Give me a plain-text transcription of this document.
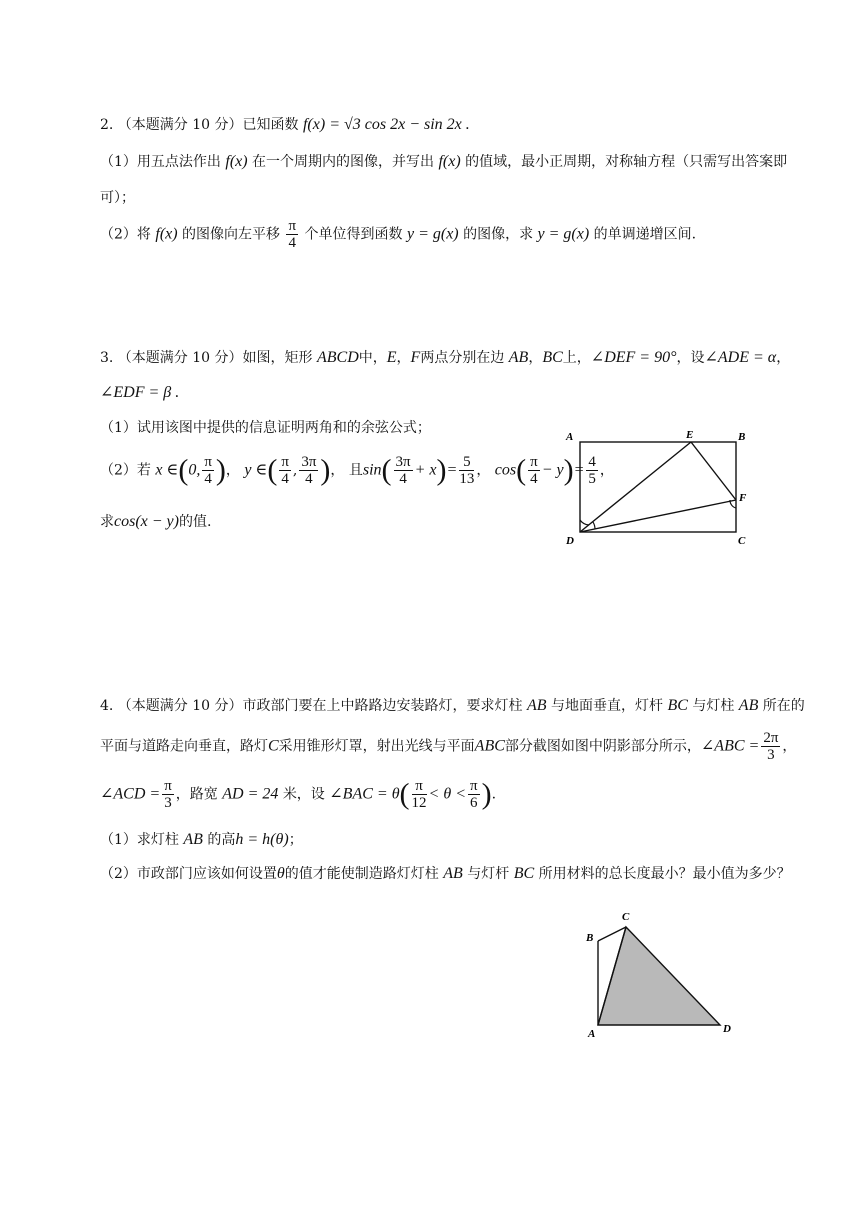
2. （本题满分 10 分）已知函数 f(x) = √3 cos 2x − sin 2x .
（1）用五点法作出 f(x) 在一个周期内的图像，并写出 f(x) 的值域，最小正周期，对称轴方程（只需写出答案即
可）；
（2）将 f(x) 的图像向左平移 $\frac{\pi}{4}$ 个单位得到函数 y = g(x) 的图像，求 y = g(x) 的单调递增区间.
3. （本题满分 10 分）如图，矩形 ABCD中，E，F两点分别在边 AB，BC上，∠DEF = 90°，设∠ADE = α，
∠EDF = β .
（1）试用该图中提供的信息证明两角和的余弦公式；
（2）若 x ∈(0, $\frac{\pi}{4}$ )， y ∈( $\frac{\pi}{4}$ , $\frac{3\pi}{4}$ )， 且$\sin( \frac{3\pi}{4} + x)= \frac{5}{13}$ ， $\cos( \frac{\pi}{4} - y)= \frac{4}{5}$ ，
求cos(x − y)的值.
A	E	B
F
D	C
4. （本题满分 10 分）市政部门要在上中路路边安装路灯，要求灯柱 AB 与地面垂直，灯杆 BC 与灯柱 AB 所在的
平面与道路走向垂直，路灯C采用锥形灯罩，射出光线与平面ABC部分截图如图中阴影部分所示，∠ABC = $\frac{2\pi}{3}$ ，
∠ACD = $\frac{\pi}{3}$ ，路宽 AD = 24 米，设 ∠BAC = $\theta( \frac{\pi}{12} < \theta < \frac{\pi}{6}$ ).
（1）求灯柱 AB 的高h = h(θ)；
（2）市政部门应该如何设置θ的值才能使制造路灯灯柱 AB 与灯杆 BC 所用材料的总长度最小？最小值为多少？
C
B
A	D
